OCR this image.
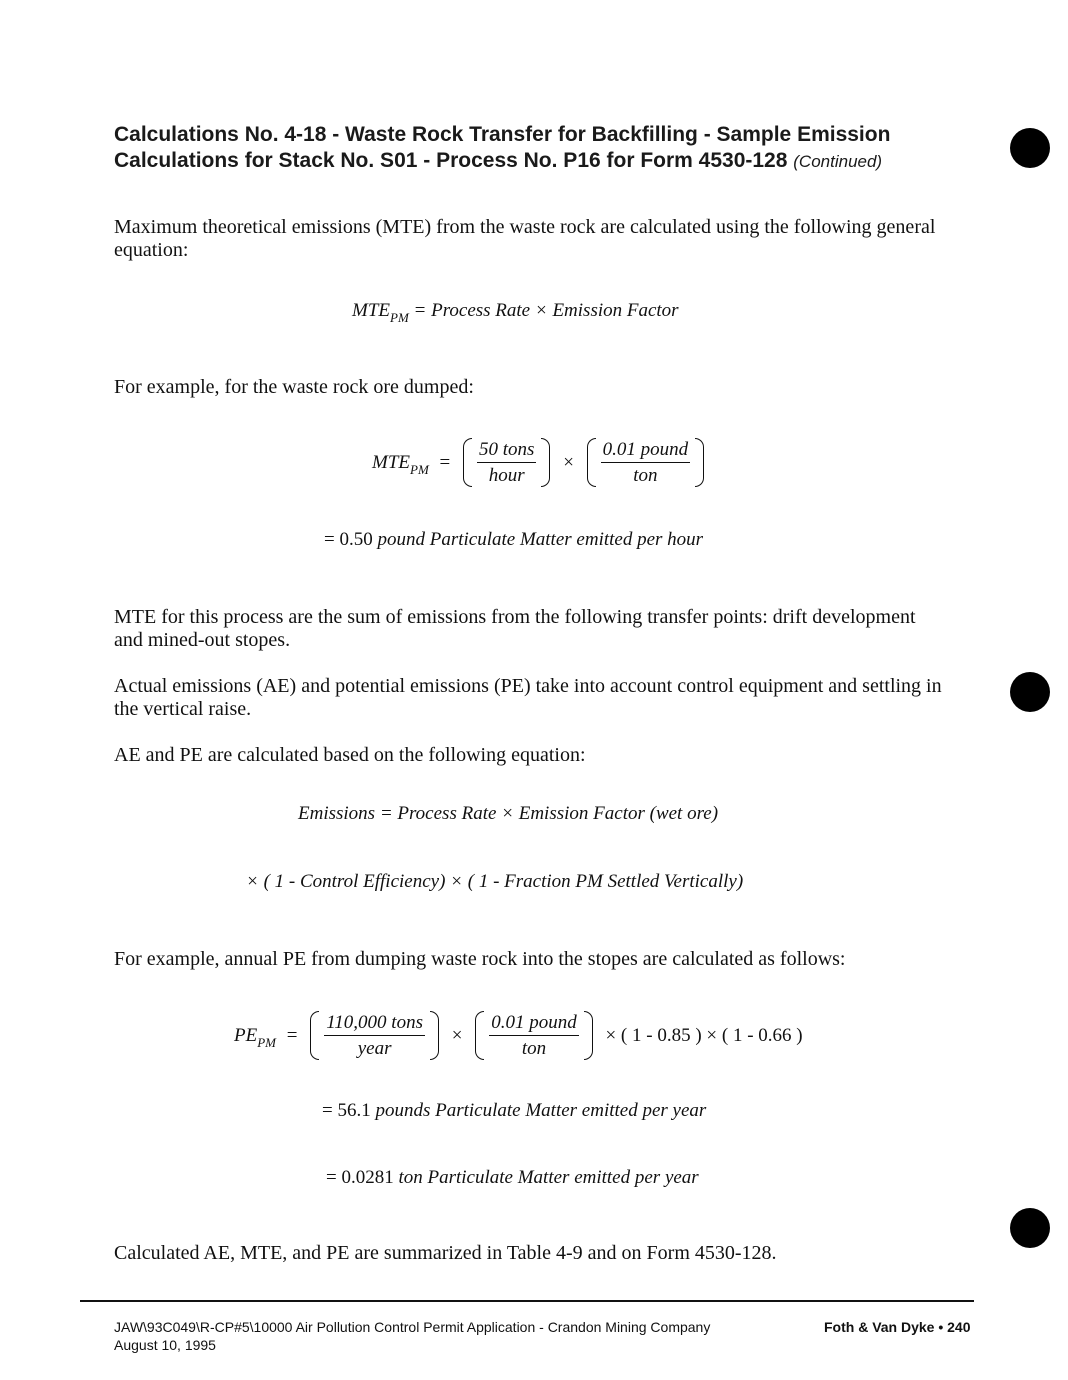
Calculations No. 4-18 - Waste Rock Transfer for Backfilling - Sample Emission
Calculations for Stack No. S01 - Process No. P16 for Form 4530-128 (Continued)
Maximum theoretical emissions (MTE) from the waste rock are calculated using the following general equation:
$MTE_{PM}$ = Process Rate × Emission Factor
For example, for the waste rock ore dumped:
$MTE_{PM} = \frac{\text{50 tons}}{\text{hour}} \times \frac{\text{0.01 pound}}{\text{ton}}$
= 0.50 pound Particulate Matter emitted per hour
MTE for this process are the sum of emissions from the following transfer points: drift development and mined-out stopes.
Actual emissions (AE) and potential emissions (PE) take into account control equipment and settling in the vertical raise.
AE and PE are calculated based on the following equation:
Emissions = Process Rate × Emission Factor (wet ore)
× ( 1 - Control Efficiency) × ( 1 - Fraction PM Settled Vertically)
For example, annual PE from dumping waste rock into the stopes are calculated as follows:
$PE_{PM} = \frac{\text{110,000 tons}}{\text{year}} \times \frac{\text{0.01 pound}}{\text{ton}}$ × ( 1 - 0.85 ) × ( 1 - 0.66 )
= 56.1 pounds Particulate Matter emitted per year
= 0.0281 ton Particulate Matter emitted per year
Calculated AE, MTE, and PE are summarized in Table 4-9 and on Form 4530-128.
JAW\93C049\R-CP#5\10000 Air Pollution Control Permit Application - Crandon Mining Company
August 10, 1995
Foth & Van Dyke • 240
